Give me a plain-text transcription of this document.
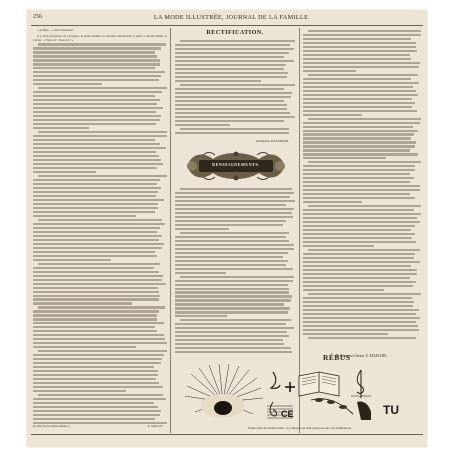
256	LA MODE ILLUSTRÉE, JOURNAL DE LA FAMILLE.

« Achille... » dit le monsieur.

Il y avait justement un voyageur, le jeune homme se retourna subitement; il pâlit, il devint blême, et s'écria : « Vous ici ! Vous ici ! »

(La fin au prochain numéro.)	E. MALOT.
RECTIFICATION.
Emmeline RAYMOND.
RENSEIGNEMENTS.
D. Réacteur-Gérant, E. MARCHEL.
RÉBUS
CE	TU
Explication du dernier rébus : La religion est d'un grand secours aux malheureux.
